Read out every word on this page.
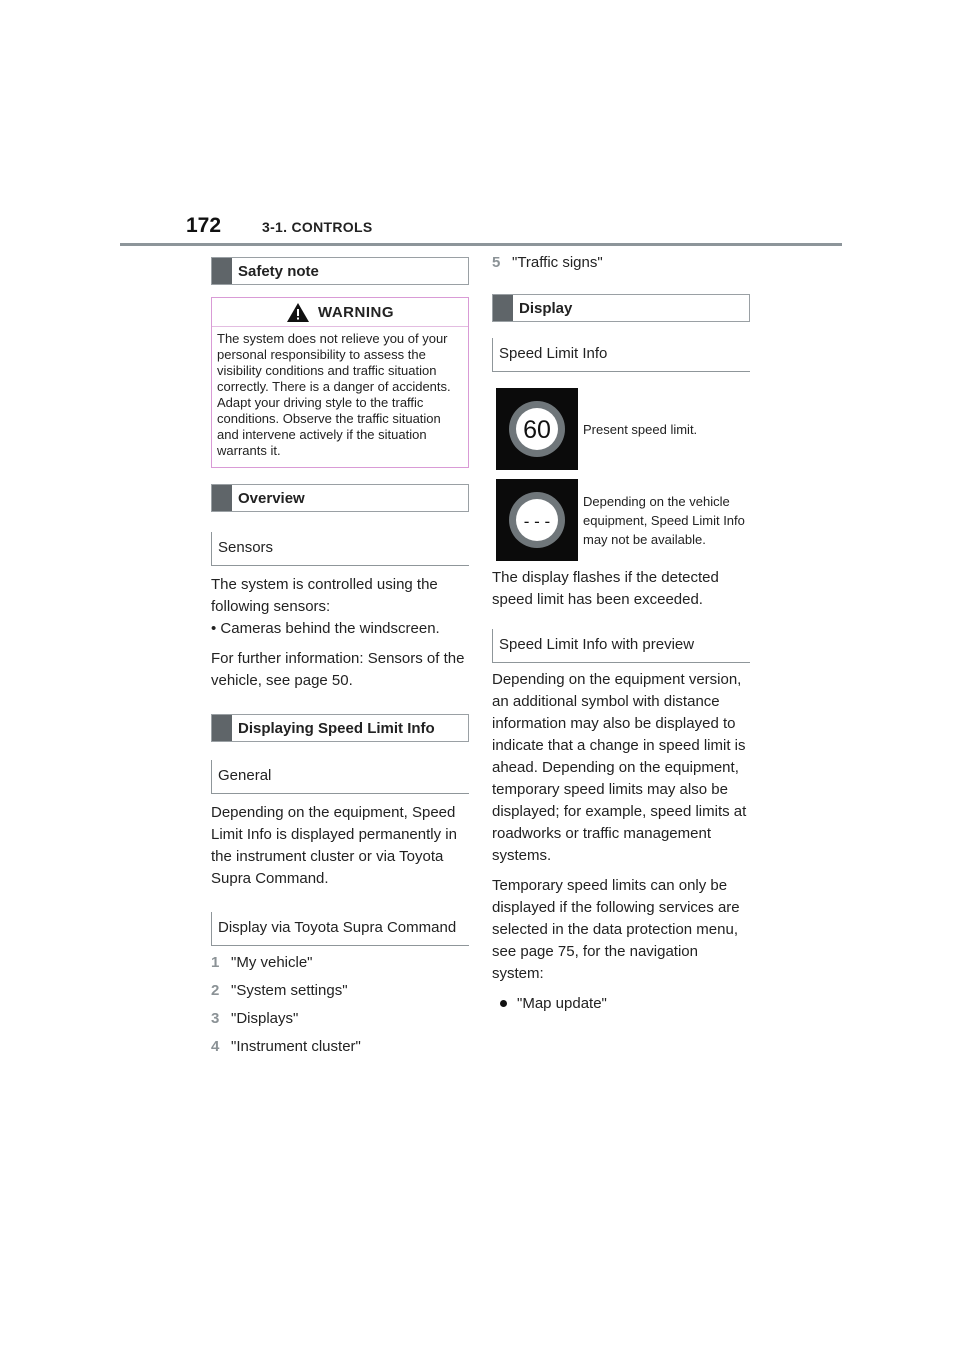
172	3-1. CONTROLS
Safety note
WARNING
The system does not relieve you of your personal responsibility to assess the visibility conditions and traffic situation correctly. There is a danger of accidents. Adapt your driving style to the traffic conditions. Observe the traffic situation and intervene actively if the situation warrants it.
Overview
Sensors
The system is controlled using the following sensors:
• Cameras behind the windscreen.
For further information: Sensors of the vehicle, see page 50.
Displaying Speed Limit Info
General
Depending on the equipment, Speed Limit Info is displayed permanently in the instrument cluster or via Toyota Supra Command.
Display via Toyota Supra Command
1 "My vehicle"
2 "System settings"
3 "Displays"
4 "Instrument cluster"
5 "Traffic signs"
Display
Speed Limit Info
60 Present speed limit.
- - -
Depending on the vehicle equipment, Speed Limit Info may not be available.
The display flashes if the detected speed limit has been exceeded.
Speed Limit Info with preview
Depending on the equipment version, an additional symbol with distance information may also be displayed to indicate that a change in speed limit is ahead. Depending on the equipment, temporary speed limits may also be displayed; for example, speed limits at roadworks or traffic management systems.
Temporary speed limits can only be displayed if the following services are selected in the data protection menu, see page 75, for the navigation system:
"Map update"
